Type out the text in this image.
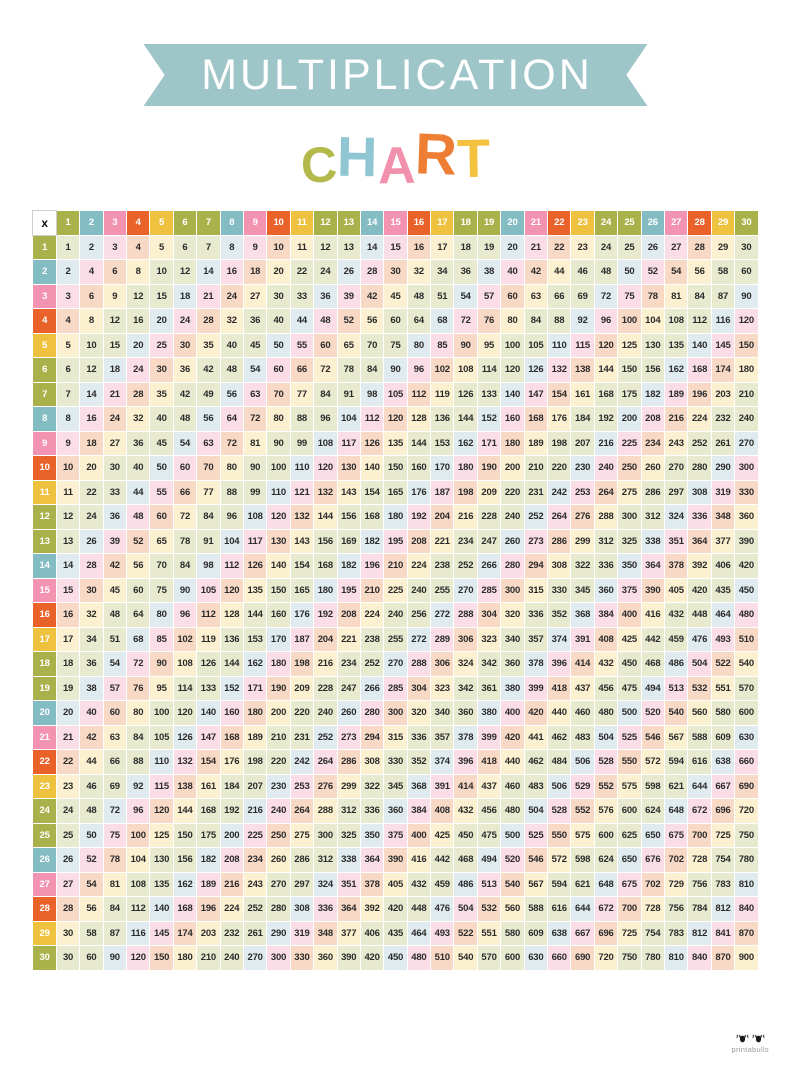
MULTIPLICATION
C
H
A
R
T
x	1	2	3	4	5	6	7	8	9	10	11	12	13	14	15	16	17	18	19	20	21	22	23	24	25	26	27	28	29	30
1	1	2	3	4	5	6	7	8	9	10	11	12	13	14	15	16	17	18	19	20	21	22	23	24	25	26	27	28	29	30
2	2	4	6	8	10	12	14	16	18	20	22	24	26	28	30	32	34	36	38	40	42	44	46	48	50	52	54	56	58	60
3	3	6	9	12	15	18	21	24	27	30	33	36	39	42	45	48	51	54	57	60	63	66	69	72	75	78	81	84	87	90
4	4	8	12	16	20	24	28	32	36	40	44	48	52	56	60	64	68	72	76	80	84	88	92	96	100	104	108	112	116	120
5	5	10	15	20	25	30	35	40	45	50	55	60	65	70	75	80	85	90	95	100	105	110	115	120	125	130	135	140	145	150
6	6	12	18	24	30	36	42	48	54	60	66	72	78	84	90	96	102	108	114	120	126	132	138	144	150	156	162	168	174	180
7	7	14	21	28	35	42	49	56	63	70	77	84	91	98	105	112	119	126	133	140	147	154	161	168	175	182	189	196	203	210
8	8	16	24	32	40	48	56	64	72	80	88	96	104	112	120	128	136	144	152	160	168	176	184	192	200	208	216	224	232	240
9	9	18	27	36	45	54	63	72	81	90	99	108	117	126	135	144	153	162	171	180	189	198	207	216	225	234	243	252	261	270
10	10	20	30	40	50	60	70	80	90	100	110	120	130	140	150	160	170	180	190	200	210	220	230	240	250	260	270	280	290	300
11	11	22	33	44	55	66	77	88	99	110	121	132	143	154	165	176	187	198	209	220	231	242	253	264	275	286	297	308	319	330
12	12	24	36	48	60	72	84	96	108	120	132	144	156	168	180	192	204	216	228	240	252	264	276	288	300	312	324	336	348	360
13	13	26	39	52	65	78	91	104	117	130	143	156	169	182	195	208	221	234	247	260	273	286	299	312	325	338	351	364	377	390
14	14	28	42	56	70	84	98	112	126	140	154	168	182	196	210	224	238	252	266	280	294	308	322	336	350	364	378	392	406	420
15	15	30	45	60	75	90	105	120	135	150	165	180	195	210	225	240	255	270	285	300	315	330	345	360	375	390	405	420	435	450
16	16	32	48	64	80	96	112	128	144	160	176	192	208	224	240	256	272	288	304	320	336	352	368	384	400	416	432	448	464	480
17	17	34	51	68	85	102	119	136	153	170	187	204	221	238	255	272	289	306	323	340	357	374	391	408	425	442	459	476	493	510
18	18	36	54	72	90	108	126	144	162	180	198	216	234	252	270	288	306	324	342	360	378	396	414	432	450	468	486	504	522	540
19	19	38	57	76	95	114	133	152	171	190	209	228	247	266	285	304	323	342	361	380	399	418	437	456	475	494	513	532	551	570
20	20	40	60	80	100	120	140	160	180	200	220	240	260	280	300	320	340	360	380	400	420	440	460	480	500	520	540	560	580	600
21	21	42	63	84	105	126	147	168	189	210	231	252	273	294	315	336	357	378	399	420	441	462	483	504	525	546	567	588	609	630
22	22	44	66	88	110	132	154	176	198	220	242	264	286	308	330	352	374	396	418	440	462	484	506	528	550	572	594	616	638	660
23	23	46	69	92	115	138	161	184	207	230	253	276	299	322	345	368	391	414	437	460	483	506	529	552	575	598	621	644	667	690
24	24	48	72	96	120	144	168	192	216	240	264	288	312	336	360	384	408	432	456	480	504	528	552	576	600	624	648	672	696	720
25	25	50	75	100	125	150	175	200	225	250	275	300	325	350	375	400	425	450	475	500	525	550	575	600	625	650	675	700	725	750
26	26	52	78	104	130	156	182	208	234	260	286	312	338	364	390	416	442	468	494	520	546	572	598	624	650	676	702	728	754	780
27	27	54	81	108	135	162	189	216	243	270	297	324	351	378	405	432	459	486	513	540	567	594	621	648	675	702	729	756	783	810
28	28	56	84	112	140	168	196	224	252	280	308	336	364	392	420	448	476	504	532	560	588	616	644	672	700	728	756	784	812	840
29	30	58	87	116	145	174	203	232	261	290	319	348	377	406	435	464	493	522	551	580	609	638	667	696	725	754	783	812	841	870
30	30	60	90	120	150	180	210	240	270	300	330	360	390	420	450	480	510	540	570	600	630	660	690	720	750	780	810	840	870	900
printabulls
